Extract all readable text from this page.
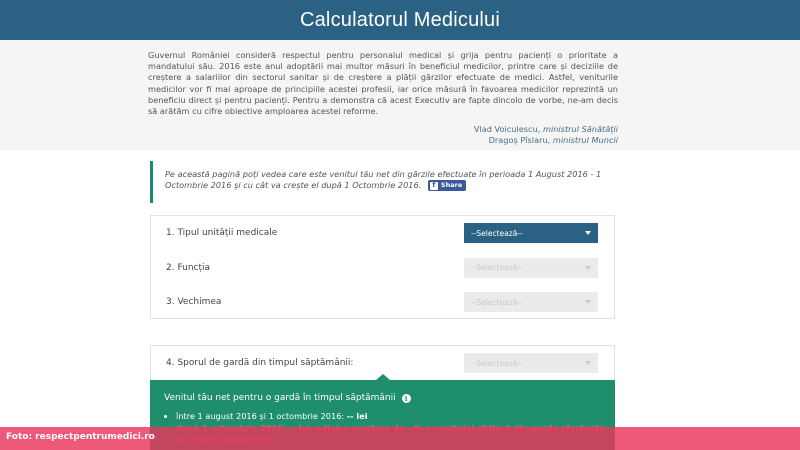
Calculatorul Medicului

Guvernul României consideră respectul pentru personalul medical și grija pentru pacienți o prioritate a mandatului său. 2016 este anul adoptării mai multor măsuri în beneficiul medicilor, printre care și deciziile de creștere a salariilor din sectorul sanitar și de creștere a plății gărzilor efectuate de medici. Astfel, veniturile medicilor vor fi mai aproape de principiile acestei profesii, iar orice măsură în favoarea medicilor reprezintă un beneficiu direct și pentru pacienți. Pentru a demonstra că acest Executiv are fapte dincolo de vorbe, ne-am decis să arătăm cu cifre obiective amploarea acestei reforme.

Vlad Voiculescu, ministrul Sănătății
Dragoș Pîslaru, ministrul Muncii

Pe această pagină poți vedea care este venitul tău net din gărzile efectuate în perioada 1 August 2016 - 1 Octombrie 2016 și cu cât va crește el după 1 Octombrie 2016.	f Share

1. Tipul unității medicale	--Selectează--
2. Funcția	--Selectează--
3. Vechimea	--Selectează--
4. Sporul de gardă din timpul săptămânii:	--Selectează--
Venitul tău net pentru o gardă în timpul săptămânii	i
• între 1 august 2016 și 1 octombrie 2016: -- lei
•
Foto: respectpentrumedici.ro
